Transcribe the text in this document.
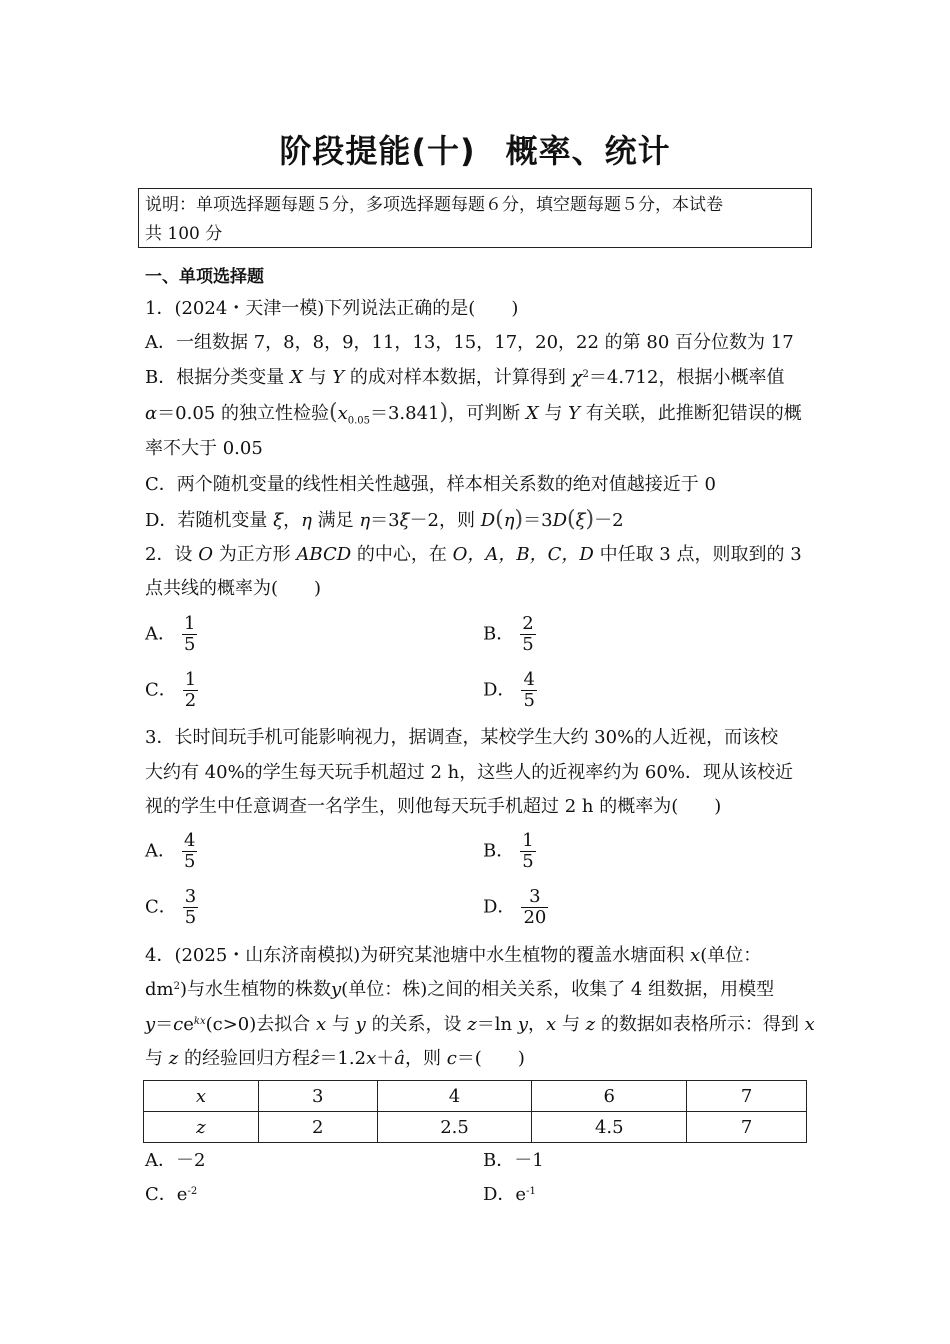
阶段提能(十) 概率、统计
说明：单项选择题每题５分，多项选择题每题６分，填空题每题５分，本试卷
共 100 分
一、单项选择题
1．(2024・天津一模)下列说法正确的是(　　)
A．一组数据 7，8，8，9，11，13，15，17，20，22 的第 80 百分位数为 17
B．根据分类变量 X 与 Y 的成对样本数据，计算得到 $\chi^2=4.712$，根据小概率值
α＝0.05 的独立性检验$(x_{0.05}=3.841)$，可判断 X 与 Y 有关联，此推断犯错误的概
率不大于 0.05
C．两个随机变量的线性相关性越强，样本相关系数的绝对值越接近于 0
D．若随机变量 ξ，η 满足 η＝3ξ－2，则 D(η)＝3D(ξ)－2
2．设 O 为正方形 ABCD 的中心，在 O，A，B，C，D 中任取 3 点，则取到的 3
点共线的概率为(　　)
A． $\frac{1}{5}$	B． $\frac{2}{5}$
C． $\frac{1}{2}$	D． $\frac{4}{5}$
3．长时间玩手机可能影响视力，据调查，某校学生大约 30%的人近视，而该校
大约有 40%的学生每天玩手机超过 2 h，这些人的近视率约为 60%．现从该校近
视的学生中任意调查一名学生，则他每天玩手机超过 2 h 的概率为(　　)
A． $\frac{4}{5}$	B． $\frac{1}{5}$
C． $\frac{3}{5}$	D． $\frac{3}{20}$
4．(2025・山东济南模拟)为研究某池塘中水生植物的覆盖水塘面积 x(单位：
$dm^2$)与水生植物的株数y(单位：株)之间的相关关系，收集了 4 组数据，用模型
$y=ce^{kx}(c>0)$去拟合 x 与 y 的关系，设 z＝ln y，x 与 z 的数据如表格所示：得到 x
与 z 的经验回归方程ẑ＝1.2x＋â，则 c＝(　　)
x	3	4	6	7
z	2	2.5	4.5	7
A．－2	B．－1
C．$e^{-2}$	D．$e^{-1}$
